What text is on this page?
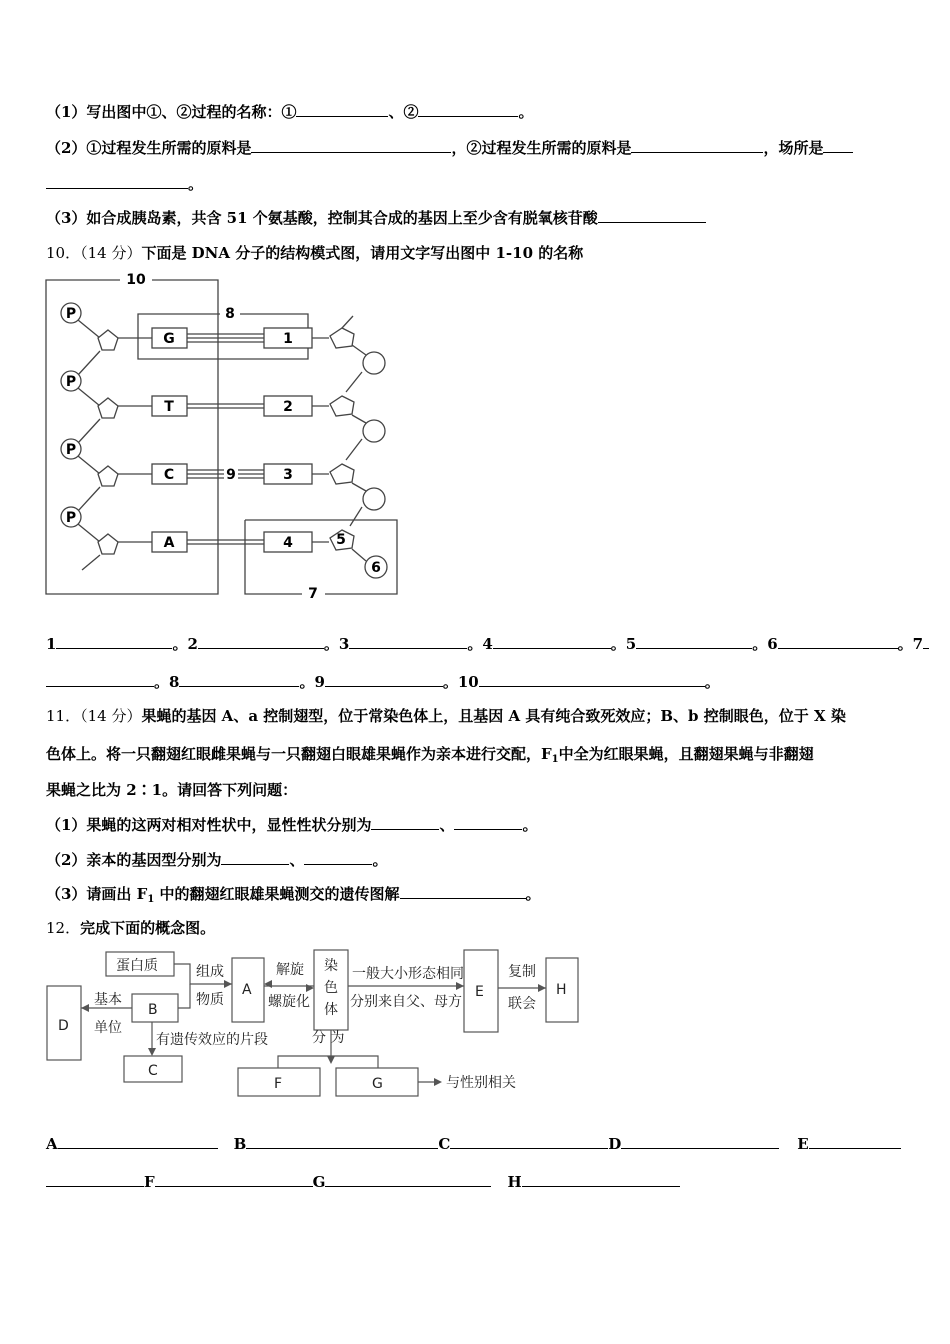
（1）写出图中①、②过程的名称：①	、②	。
（2）①过程发生所需的原料是	，②过程发生所需的原料是	，场所是
。
（3）如合成胰岛素，共含 51 个氨基酸，控制其合成的基因上至少含有脱氧核苷酸
10．（14 分）下面是 DNA 分子的结构模式图，请用文字写出图中 1-10 的名称
P
P
P
P
G
T
C
A
1
2
3
4	5
6
7
8
9
10
1	。2	。3	。4	。5	。6	。7
。8	。9	。10	。
11．（14 分）果蝇的基因 A、a 控制翅型，位于常染色体上，且基因 A 具有纯合致死效应；B、b 控制眼色，位于 X 染
色体上。将一只翻翅红眼雌果蝇与一只翻翅白眼雄果蝇作为亲本进行交配，$F_1$中全为红眼果蝇，且翻翅果蝇与非翻翅
果蝇之比为 2∶1。请回答下列问题：
（1）果蝇的这两对相对性状中，显性性状分别为	、	。
（2）亲本的基因型分别为	、	。
（3）请画出 $F_1$ 中的翻翅红眼雄果蝇测交的遗传图解	。
12．完成下面的概念图。
蛋白质	组成
物质
A
解旋
螺旋化
染
色
体
一般大小形态相同
分别来自父、母方
E
复制
联会
H
基本
单位
B
D
有遗传效应的片段
C
分 为
F	G	与性别相关
A	B	C	D	E
F	G	H
